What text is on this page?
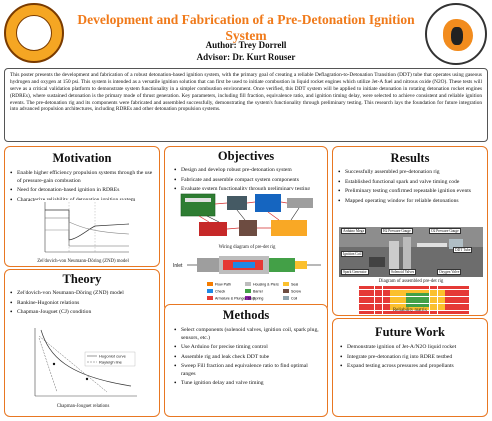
Development and Fabrication of a Pre-Detonation Ignition System
Author: Trey Dorrell
Advisor: Dr. Kurt Rouser
This poster presents the development and fabrication of a robust detonation-based ignition system, with the primary goal of creating a reliable Deflagration-to-Detonation Transition (DDT) tube that operates using gaseous hydrogen and oxygen at 150 psi. This system is intended as a versatile ignition solution that can first be used to initiate combustion in liquid rocket engines which utilize Jet-A fuel and nitrous oxide (N2O). These tests will serve as a critical validation platform to demonstrate system functionality in a simpler combustion environment. Once verified, this DDT system will be applied to initiate detonation in rotating detonation rocket engines (RDREs), where sustained detonation is the primary mode of thrust generation. Key parameters, including fill fraction, equivalence ratio, and ignition timing delay, were selected to achieve consistent and reliable ignition events. The pre-detonation rig and its components were fabricated and assembled successfully, demonstrating the system's functionality through preliminary testing. This research lays the foundation for future integration into advanced propulsion architectures, including RDREs and other detonation propulsion systems.
Motivation
• Enable higher efficiency propulsion systems through the use of pressure-gain combustion
• Need for detonation-based ignition in RDREs
• Characterize reliability of detonation ignition system
Zel'dovich-von Neumann-Döring (ZND) model
Theory
• Zel'dovich-von Neumann-Döring (ZND) model
• Rankine-Hugoniot relations
• Chapman-Jouguet (CJ) condition
Hugoniot curve
Rayleigh line
Chapman-Jouguet relations
Objectives
• Design and develop robust pre-detonation system
• Fabricate and assemble compact system components
• Evaluate system functionality through preliminary testing
Wiring diagram of pre-det rig
Inlet
Flow Path	Housing & Piers	Seal
Check	Barrel	Screw
Armature & Plunger Stop
Spring	Coil
Methods
• Select components (solenoid valves, ignition coil, spark plug, sensors, etc.)
• Use Arduino for precise timing control
• Assemble rig and leak check DDT tube
• Sweep Fill fraction and equivalence ratio to find optimal ranges
• Tune ignition delay and valve timing
Results
• Successfully assembled pre-detonation rig
• Established functional spark and valve timing code
• Preliminary testing confirmed repeatable ignition events
• Mapped operating window for reliable detonations
Arduino Mega	H2 Pressure Gauge	O2 Pressure Gauge
Ignition Coil
DDT Tube
Spark Generator	Solenoid Valves	Oxygen Valve
Diagram of assembled pre-det rig
Reliability matrix
Future Work
• Demonstrate ignition of Jet-A/N2O liquid rocket
• Integrate pre-detonation rig into RDRE testbed
• Expand testing across pressures and propellants
